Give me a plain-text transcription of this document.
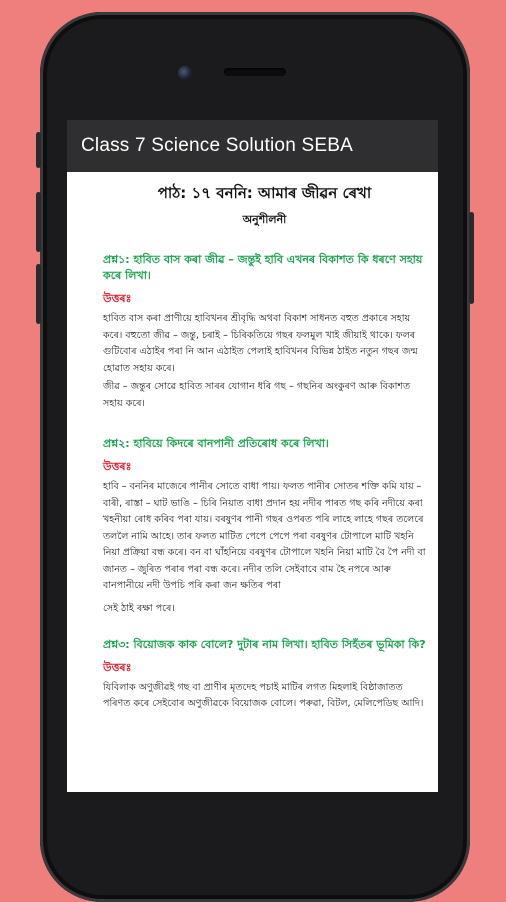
Class 7 Science Solution SEBA
পাঠ: ১৭ বননি: আমাৰ জীৱন ৰেখা
অনুশীলনী
প্ৰশ্ন১: হাবিত বাস কৰা জীৱ – জন্তুই হাবি এখনৰ বিকাশত কি ধৰণে সহায় কৰে লিখা।
উত্তৰঃ

হাবিত বাস কৰা প্ৰাণীয়ে হাবিখনৰ শ্ৰীবৃদ্ধি অথবা বিকাশ সাধনত বহুত প্ৰকাৰে সহায় কৰে। বহুতো জীৱ – জন্তু, চৰাই – চিৰিকতিয়ে গছৰ ফলমুল খাই জীয়াই থাকে। ফলৰ গুটিবোৰ এঠাইৰ পৰা নি আন এঠাইত পেলাই হাবিখনৰ বিভিন্ন ঠাইত নতুন গছৰ জন্ম হোৱাত সহায় কৰে।

জীৱ – জন্তুৰ সোৱে হাবিত সাৰৰ যোগান ধৰি গছ – গছনিৰ অংকুৰণ আৰু বিকাশত সহায় কৰে।

প্ৰশ্ন২: হাবিয়ে কিদৰে বানপানী প্ৰতিৰোধ কৰে লিখা।
উত্তৰঃ

হাবি – বননিৰ মাজেৰে পানীৰ সোতে বাধা পায়। ফলত পানীৰ সোতৰ শক্তি কমি যায় – বাৰী, ৰাস্তা – ঘাট ভাঙি – চিৰি নিয়াত বাধা প্ৰদান হয় নদীৰ পাৰত গছ কৰি নদীয়ে কৰা খহনীয়া ৰোধ কৰিব পৰা যায়। বৰষুণৰ পানী গছৰ ওপৰত পৰি লাহে লাহে গছৰ তলেৰে তললৈ নামি আহে। তাৰ ফলত মাটিত পেপে পেপে পৰা বৰষুণৰ টোপালে মাটি খহনি নিয়া প্ৰক্ৰিয়া বন্ধ কৰে। বন বা ঘাঁহনিয়ে বৰষুণৰ টোপালে খহনি নিয়া মাটি বৈ পৈ নদী বা জানত – জুৰিত পৰাৰ পৰা বন্ধ কৰে। নদীৰ তলি সেইবাবে বাম হৈ নপৰে আৰু বানপানীয়ে নদী উপচি পৰি কৰা জন ক্ষতিৰ পৰা

সেই ঠাই ৰক্ষা পৰে।
প্ৰশ্ন৩: বিয়োজক কাক বোলে? দুটাৰ নাম লিখা। হাবিত সিহঁতৰ ভূমিকা কি?
উত্তৰঃ

যিবিলাক অণুজীৱই গছ বা প্ৰাণীৰ মৃতদেহ পচাই মাটিৰ লগত মিহলাই বিষ্ঠাজাতত পৰিণত কৰে সেইবোৰ অণুজীৱকে বিয়োজক বোলে। পৰুৱা, বিটল, মেলিপেডিছ আদি।
